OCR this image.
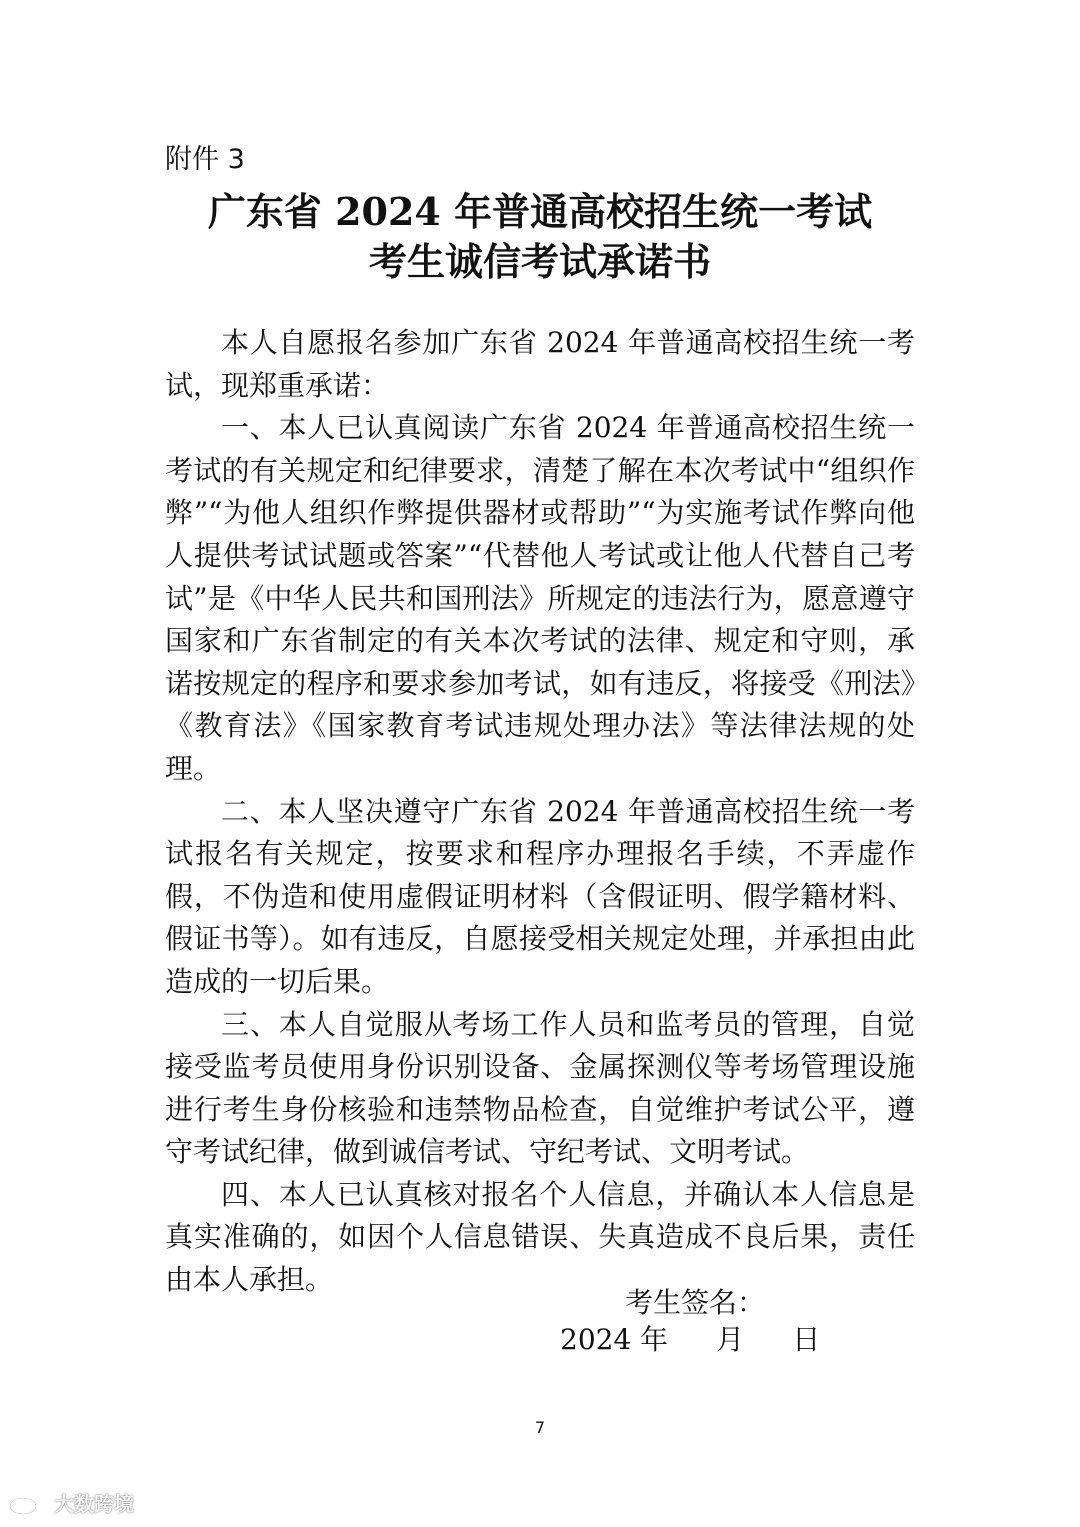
附件 3
广东省 2024 年普通高校招生统一考试
考生诚信考试承诺书

本人自愿报名参加广东省 2024 年普通高校招生统一考试，现郑重承诺：

一、本人已认真阅读广东省 2024 年普通高校招生统一考试的有关规定和纪律要求，清楚了解在本次考试中“组织作弊”“为他人组织作弊提供器材或帮助”“为实施考试作弊向他人提供考试试题或答案”“代替他人考试或让他人代替自己考试”是《中华人民共和国刑法》所规定的违法行为，愿意遵守国家和广东省制定的有关本次考试的法律、规定和守则，承诺按规定的程序和要求参加考试，如有违反，将接受《刑法》《教育法》《国家教育考试违规处理办法》等法律法规的处理。

二、本人坚决遵守广东省 2024 年普通高校招生统一考试报名有关规定，按要求和程序办理报名手续，不弄虚作假，不伪造和使用虚假证明材料（含假证明、假学籍材料、假证书等）。如有违反，自愿接受相关规定处理，并承担由此造成的一切后果。

三、本人自觉服从考场工作人员和监考员的管理，自觉接受监考员使用身份识别设备、金属探测仪等考场管理设施进行考生身份核验和违禁物品检查，自觉维护考试公平，遵守考试纪律，做到诚信考试、守纪考试、文明考试。

四、本人已认真核对报名个人信息，并确认本人信息是真实准确的，如因个人信息错误、失真造成不良后果，责任由本人承担。

考生签名：
2024 年 月 日
7
大数跨境
